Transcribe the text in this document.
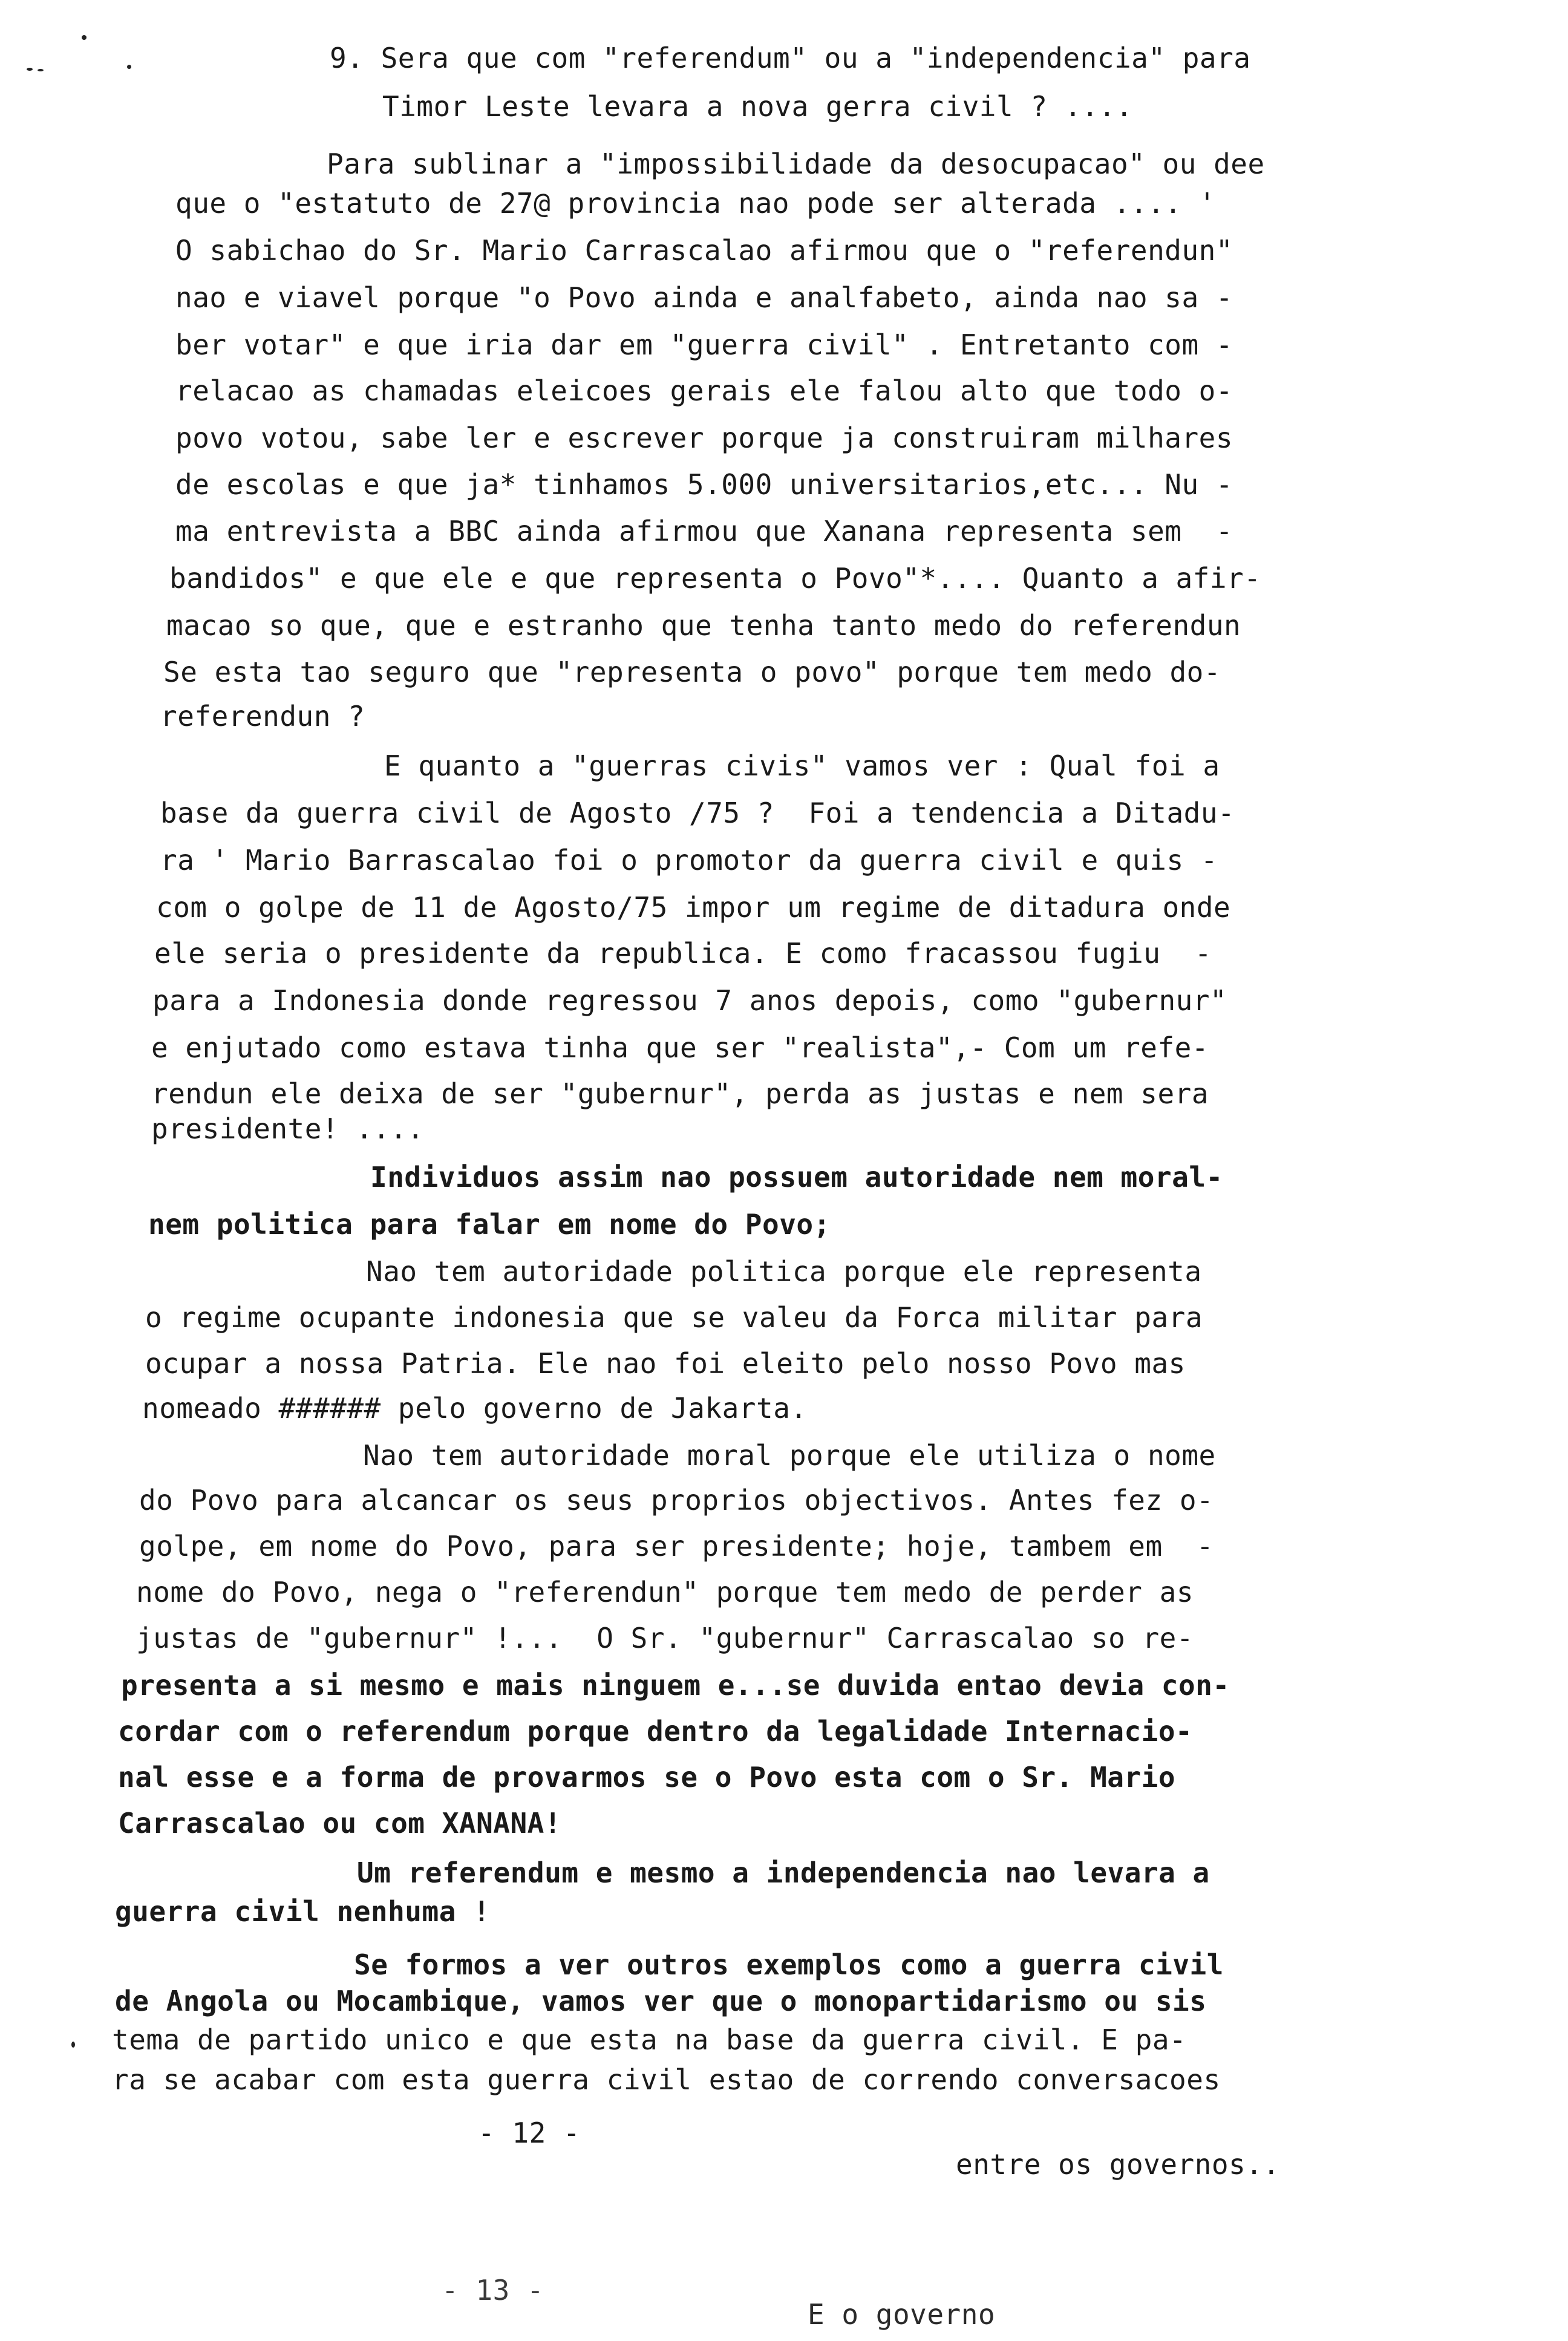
9. Sera que com "referendum" ou a "independencia" para
Timor Leste levara a nova gerra civil ? ....
Para sublinar a "impossibilidade da desocupacao" ou dee
que o "estatuto de 27@ provincia nao pode ser alterada .... '
O sabichao do Sr. Mario Carrascalao afirmou que o "referendun"
nao e viavel porque "o Povo ainda e analfabeto, ainda nao sa -
ber votar" e que iria dar em "guerra civil" . Entretanto com -
relacao as chamadas eleicoes gerais ele falou alto que todo o-
povo votou, sabe ler e escrever porque ja construiram milhares
de escolas e que ja* tinhamos 5.000 universitarios,etc... Nu -
ma entrevista a BBC ainda afirmou que Xanana representa sem  -
bandidos" e que ele e que representa o Povo"*.... Quanto a afir-
macao so que, que e estranho que tenha tanto medo do referendun
Se esta tao seguro que "representa o povo" porque tem medo do-
referendun ?
E quanto a "guerras civis" vamos ver : Qual foi a
base da guerra civil de Agosto /75 ?  Foi a tendencia a Ditadu-
ra ' Mario Barrascalao foi o promotor da guerra civil e quis -
com o golpe de 11 de Agosto/75 impor um regime de ditadura onde
ele seria o presidente da republica. E como fracassou fugiu  -
para a Indonesia donde regressou 7 anos depois, como "gubernur"
e enjutado como estava tinha que ser "realista",- Com um refe-
rendun ele deixa de ser "gubernur", perda as justas e nem sera
presidente! ....
Individuos assim nao possuem autoridade nem moral-
nem politica para falar em nome do Povo;
Nao tem autoridade politica porque ele representa
o regime ocupante indonesia que se valeu da Forca militar para
ocupar a nossa Patria. Ele nao foi eleito pelo nosso Povo mas
nomeado ###### pelo governo de Jakarta.
Nao tem autoridade moral porque ele utiliza o nome
do Povo para alcancar os seus proprios objectivos. Antes fez o-
golpe, em nome do Povo, para ser presidente; hoje, tambem em  -
nome do Povo, nega o "referendun" porque tem medo de perder as
justas de "gubernur" !...  O Sr. "gubernur" Carrascalao so re-
presenta a si mesmo e mais ninguem e...se duvida entao devia con-
cordar com o referendum porque dentro da legalidade Internacio-
nal esse e a forma de provarmos se o Povo esta com o Sr. Mario
Carrascalao ou com XANANA!
Um referendum e mesmo a independencia nao levara a
guerra civil nenhuma !
Se formos a ver outros exemplos como a guerra civil
de Angola ou Mocambique, vamos ver que o monopartidarismo ou sis
tema de partido unico e que esta na base da guerra civil. E pa-
ra se acabar com esta guerra civil estao de correndo conversacoes
- 12 -
entre os governos..
- 13 -
E o governo
